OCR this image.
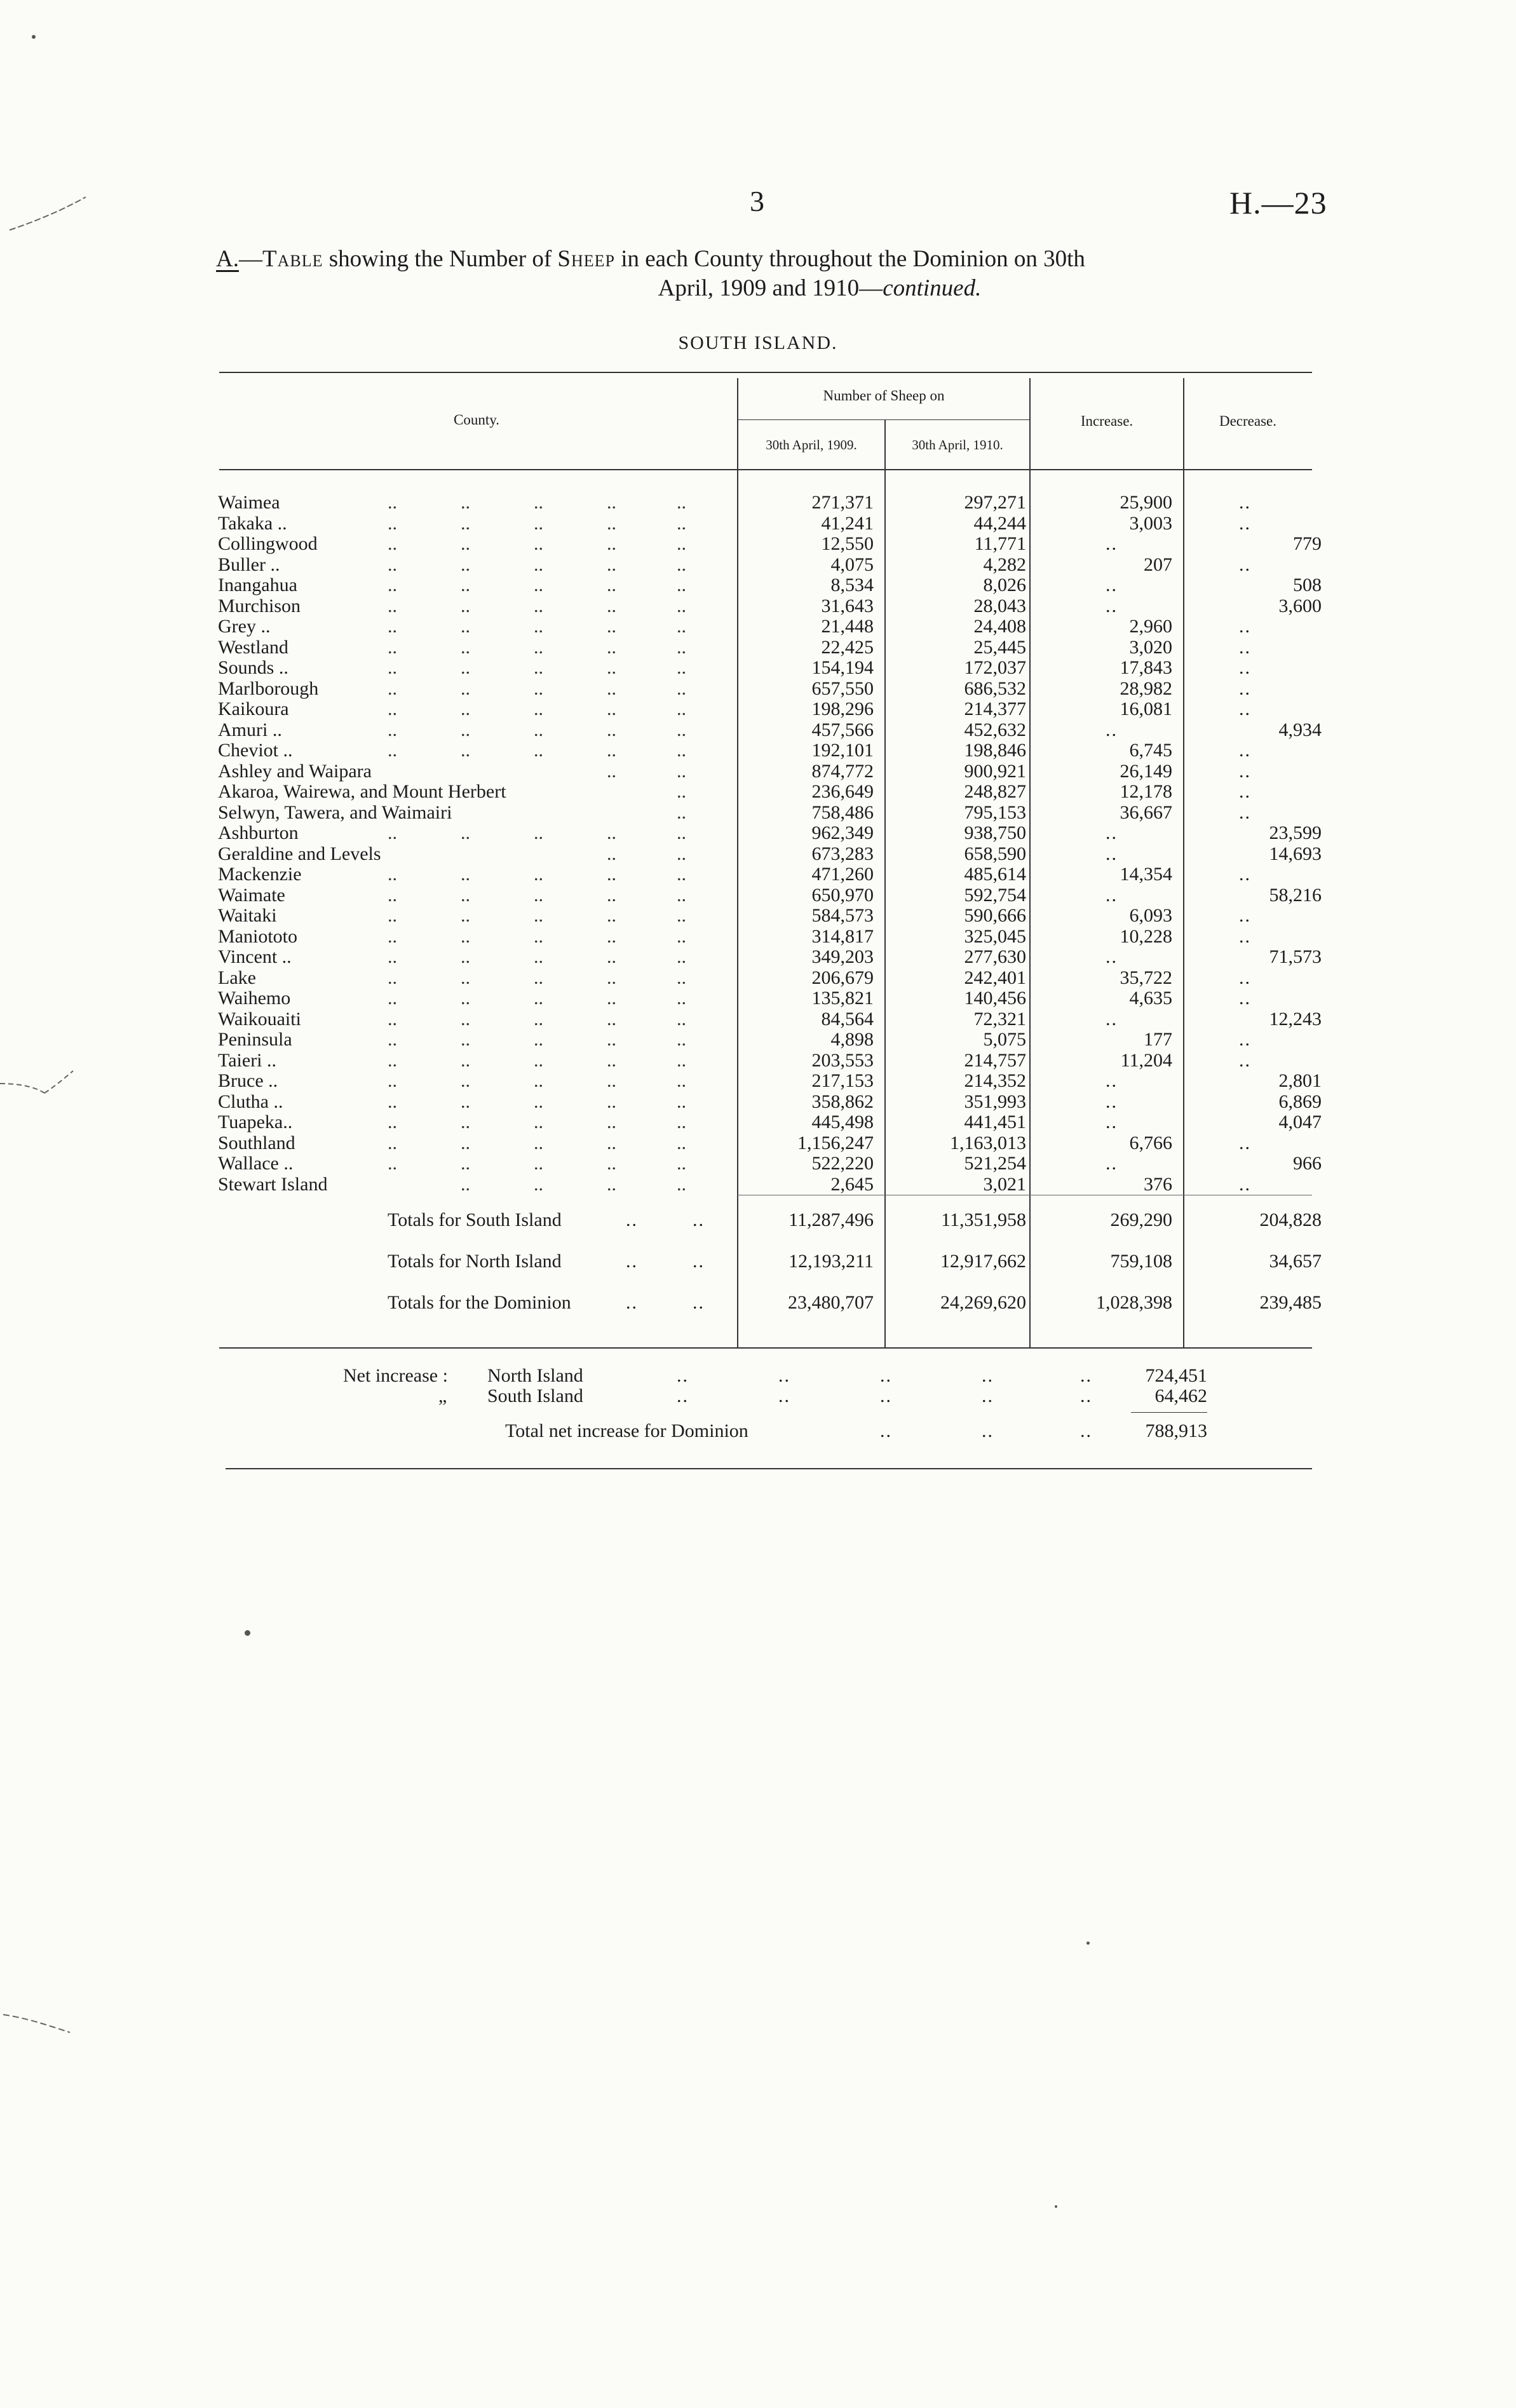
3	H.—23
A.—Table showing the Number of Sheep in each County throughout the Dominion on 30th
April, 1909 and 1910—continued.
SOUTH ISLAND.
County.
Number of Sheep on
30th April, 1909.	30th April, 1910.
Increase.	Decrease.
Waimea	..	..	..	..	..	271,371	297,271	25,900	..
Takaka ..	..	..	..	..	..	41,241	44,244	3,003	..
Collingwood	..	..	..	..	..	12,550	11,771	..	779
Buller ..	..	..	..	..	..	4,075	4,282	207	..
Inangahua	..	..	..	..	..	8,534	8,026	..	508
Murchison	..	..	..	..	..	31,643	28,043	..	3,600
Grey ..	..	..	..	..	..	21,448	24,408	2,960	..
Westland	..	..	..	..	..	22,425	25,445	3,020	..
Sounds ..	..	..	..	..	..	154,194	172,037	17,843	..
Marlborough	..	..	..	..	..	657,550	686,532	28,982	..
Kaikoura	..	..	..	..	..	198,296	214,377	16,081	..
Amuri ..	..	..	..	..	..	457,566	452,632	..	4,934
Cheviot ..	..	..	..	..	..	192,101	198,846	6,745	..
Ashley and Waipara	..	..	874,772	900,921	26,149	..
Akaroa, Wairewa, and Mount Herbert	..	236,649	248,827	12,178	..
Selwyn, Tawera, and Waimairi	..	758,486	795,153	36,667	..
Ashburton	..	..	..	..	..	962,349	938,750	..	23,599
Geraldine and Levels	..	..	673,283	658,590	..	14,693
Mackenzie	..	..	..	..	..	471,260	485,614	14,354	..
Waimate	..	..	..	..	..	650,970	592,754	..	58,216
Waitaki	..	..	..	..	..	584,573	590,666	6,093	..
Maniototo	..	..	..	..	..	314,817	325,045	10,228	..
Vincent ..	..	..	..	..	..	349,203	277,630	..	71,573
Lake	..	..	..	..	..	206,679	242,401	35,722	..
Waihemo	..	..	..	..	..	135,821	140,456	4,635	..
Waikouaiti	..	..	..	..	..	84,564	72,321	..	12,243
Peninsula	..	..	..	..	..	4,898	5,075	177	..
Taieri ..	..	..	..	..	..	203,553	214,757	11,204	..
Bruce ..	..	..	..	..	..	217,153	214,352	..	2,801
Clutha ..	..	..	..	..	..	358,862	351,993	..	6,869
Tuapeka..	..	..	..	..	..	445,498	441,451	..	4,047
Southland	..	..	..	..	..	1,156,247	1,163,013	6,766	..
Wallace ..	..	..	..	..	..	522,220	521,254	..	966
Stewart Island	..	..	..	..	2,645	3,021	376	..
Totals for South Island	..	..	11,287,496	11,351,958	269,290	204,828
Totals for North Island	..	..	12,193,211	12,917,662	759,108	34,657
Totals for the Dominion	..	..	23,480,707	24,269,620	1,028,398	239,485
Net increase : North Island	..	..	..	..	..	724,451
„ South Island	..	..	..	..	..	64,462
Total net increase for Dominion	..	..	..	788,913
